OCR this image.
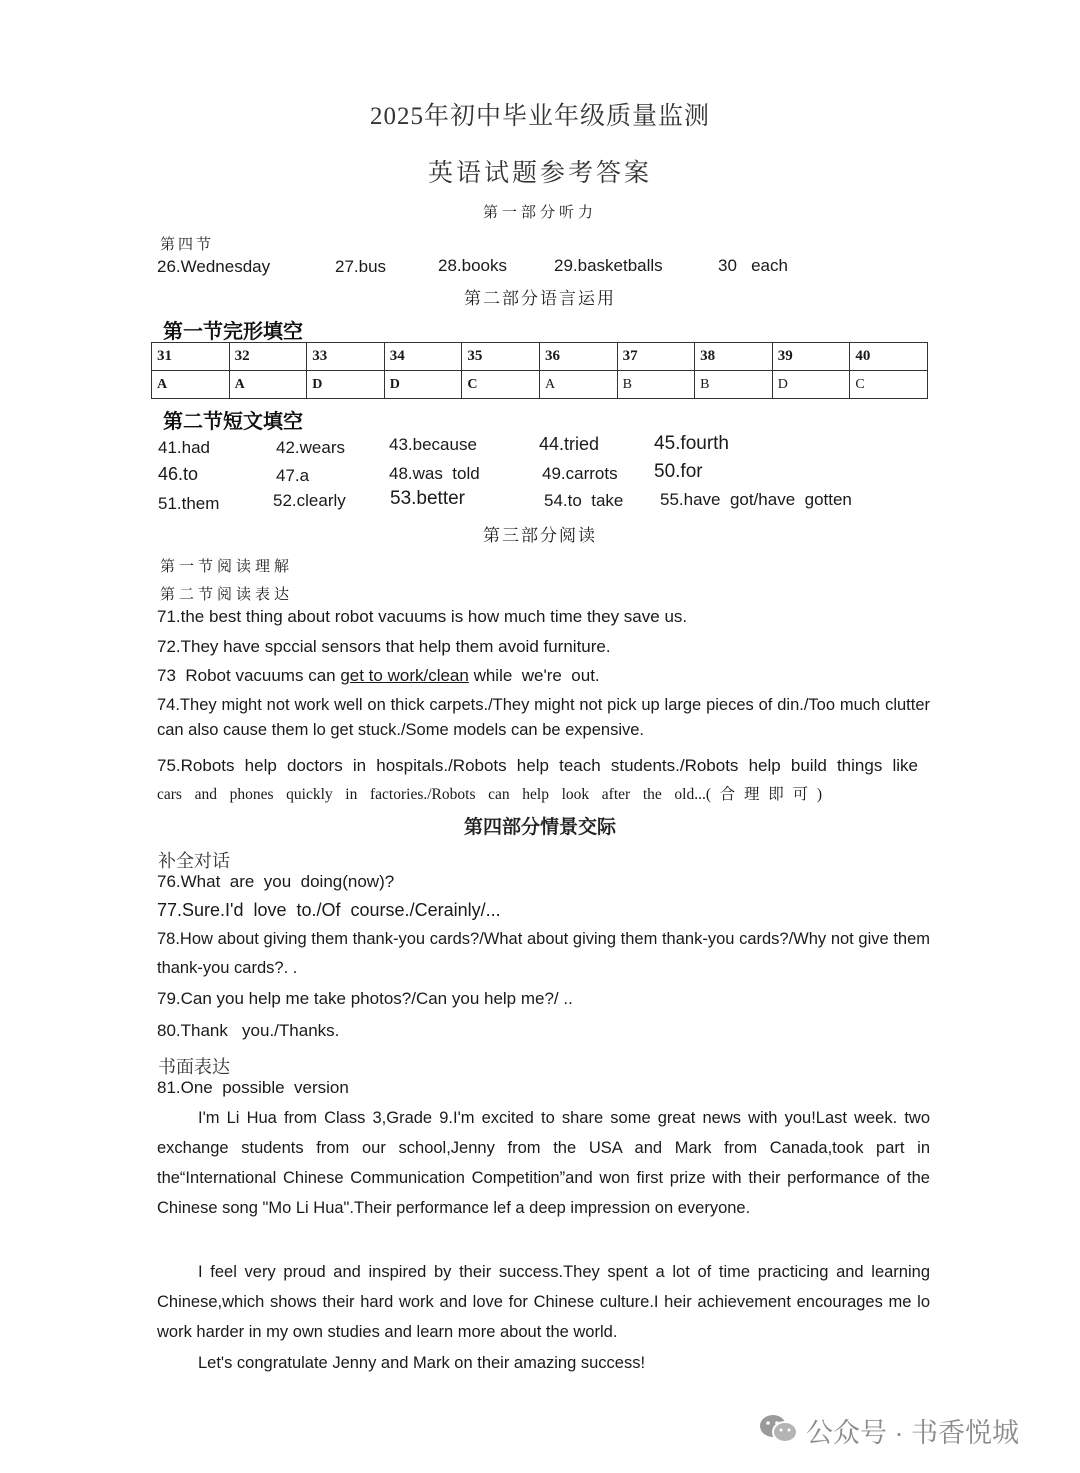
2025年初中毕业年级质量监测
英语试题参考答案
第一部分听力
第四节
26.Wednesday	27.bus	28.books	29.basketballs	30   each
第二部分语言运用
第一节完形填空
31	32	33	34	35	36	37	38	39	40
A	A	D	D	C	A	B	B	D	C
第二节短文填空
41.had	42.wears	43.because	44.tried	45.fourth
46.to	47.a	48.was  told	49.carrots 50.for
51.them	52.clearly 53.better	54.to  take 55.have  got/have  gotten
第三部分阅读
第一节阅读理解
第二节阅读表达
71.the best thing about robot vacuums is how much time they save us.
72.They have spccial sensors that help them avoid furniture.
73  Robot vacuums can get to work/clean while  we're  out.
74.They might not work well on thick carpets./They might not pick up large pieces of din./Too much clutter can also cause them lo get stuck./Some models can be expensive.
75.Robots help doctors in hospitals./Robots help teach students./Robots help build things like
cars and phones quickly in factories./Robots can help look after the old...(合理即可)
第四部分情景交际
补全对话
76.What  are  you  doing(now)?
77.Sure.I'd  love  to./Of  course./Cerainly/...
78.How about giving them thank-you cards?/What about giving them thank-you cards?/Why not give them thank-you cards?. .
79.Can you help me take photos?/Can you help me?/ ..
80.Thank   you./Thanks.
书面表达
81.One  possible  version
I'm Li Hua from Class 3,Grade 9.I'm excited to share some great news with you!Last week. two exchange students from our school,Jenny from the USA and Mark from Canada,took part in the“International Chinese Communication Competition”and won first prize with their performance of the Chinese song "Mo Li Hua".Their performance lef a deep impression on everyone.
I feel very proud and inspired by their success.They spent a lot of time practicing and learning Chinese,which shows their hard work and love for Chinese culture.I heir achievement encourages me lo work harder in my own studies and learn more about the world.
Let's congratulate Jenny and Mark on their amazing success!
公众号 · 书香悦城
